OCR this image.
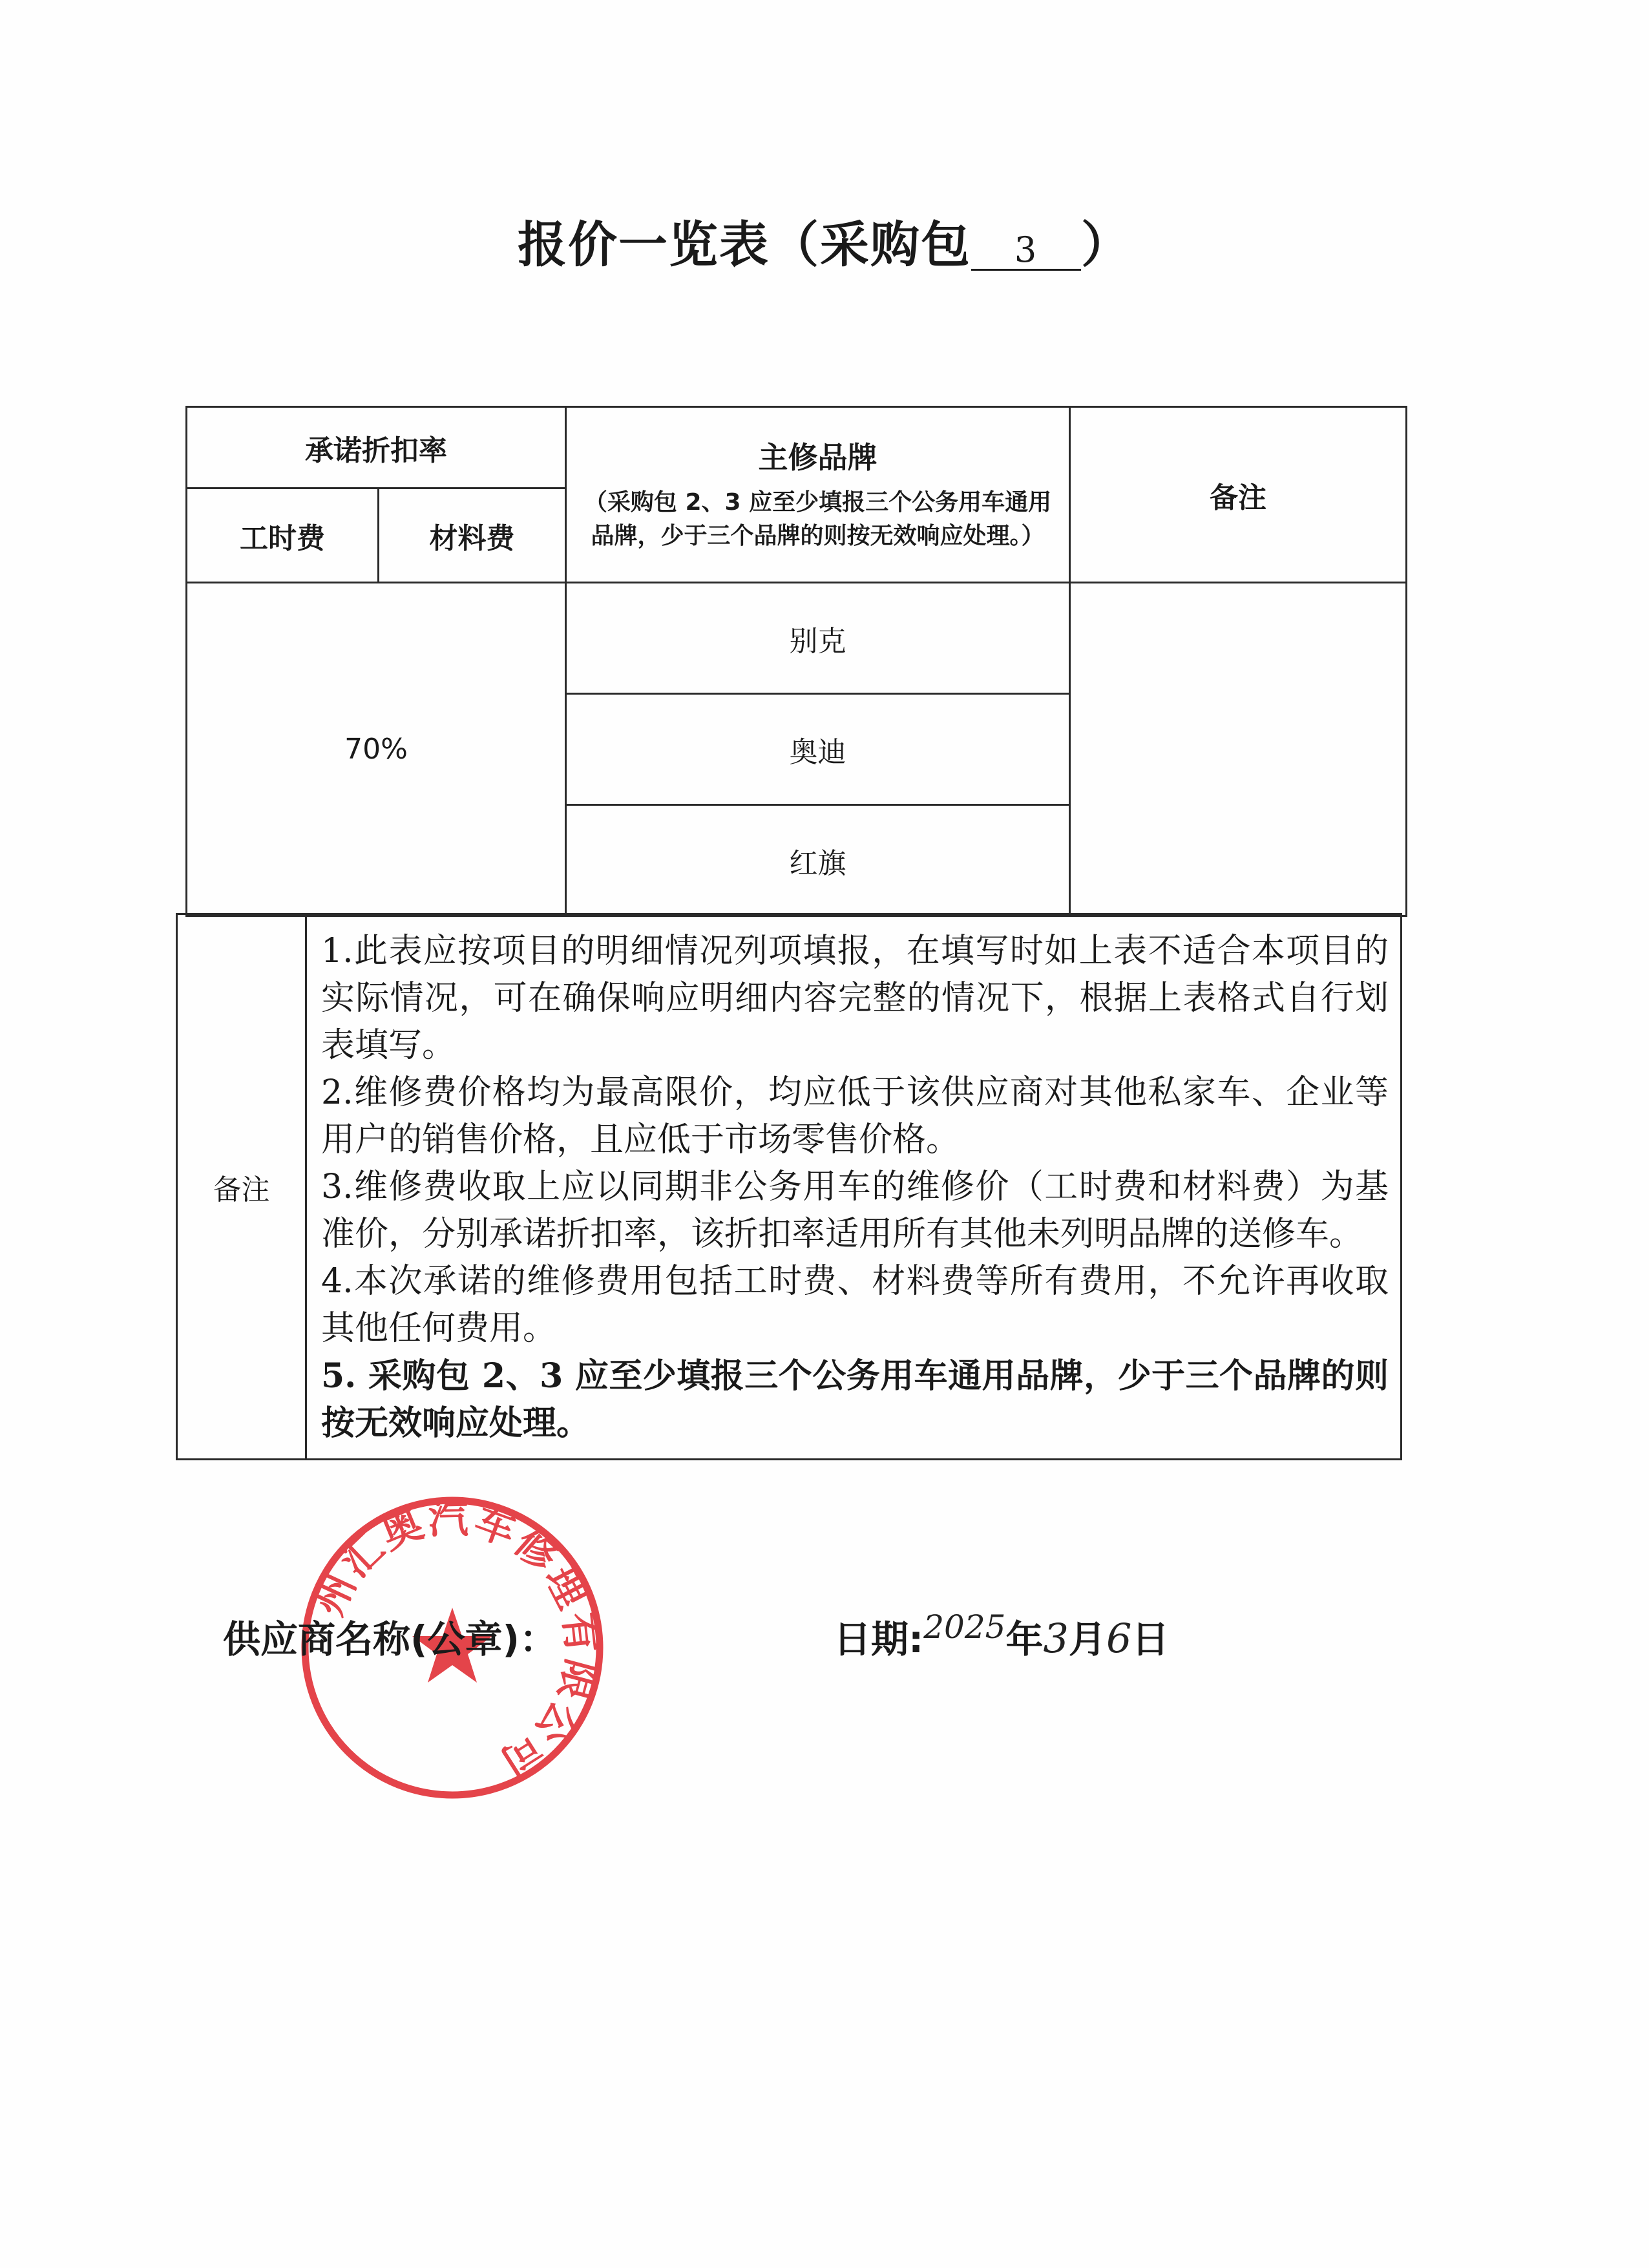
报价一览表（采购包 3 ）
承诺折扣率		主修品牌
（采购包 2、3 应至少填报三个公务用车通用品牌，少于三个品牌的则按无效响应处理。）	备注
工时费	材料费		
70%		别克	
		奥迪	
		红旗	
备注	

1.此表应按项目的明细情况列项填报，在填写时如上表不适合本项目的实际情况，可在确保响应明细内容完整的情况下，根据上表格式自行划表填写。

2.维修费价格均为最高限价，均应低于该供应商对其他私家车、企业等用户的销售价格，且应低于市场零售价格。

3.维修费收取上应以同期非公务用车的维修价（工时费和材料费）为基准价，分别承诺折扣率，该折扣率适用所有其他未列明品牌的送修车。

4.本次承诺的维修费用包括工时费、材料费等所有费用，不允许再收取其他任何费用。

5. 采购包 2、3 应至少填报三个公务用车通用品牌，少于三个品牌的则按无效响应处理。

州汇奥汽车修理有限公司
供应商名称(公章)：	日期:2025年3月6日
